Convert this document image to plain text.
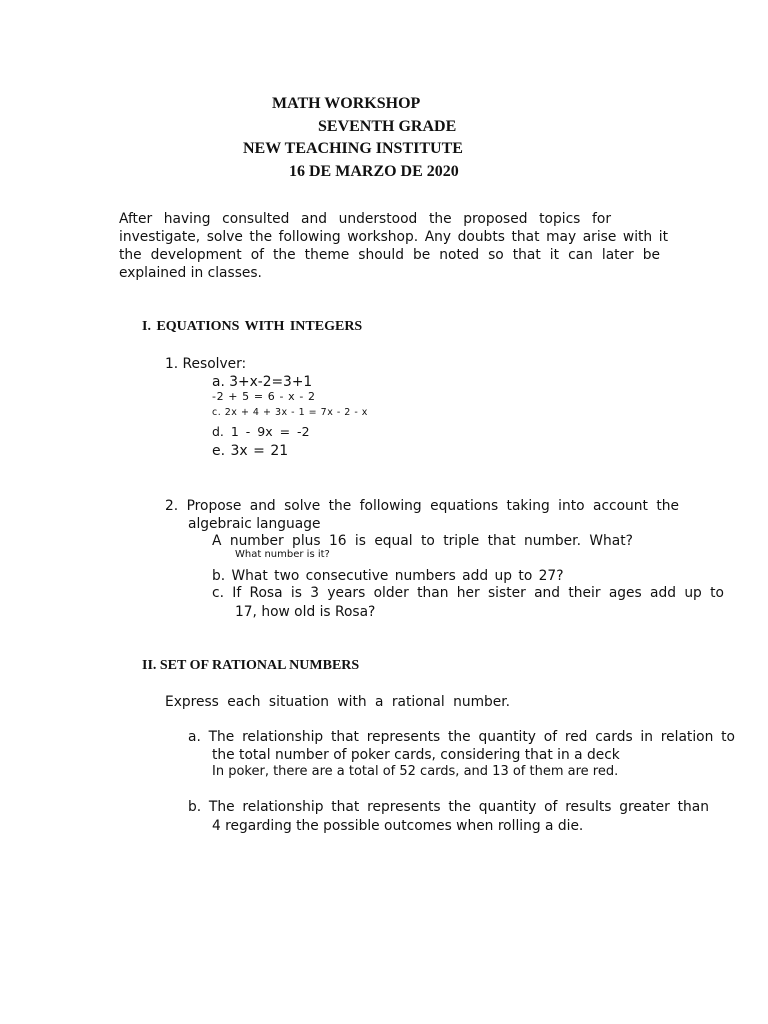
MATH WORKSHOP
SEVENTH GRADE
NEW TEACHING INSTITUTE
16 DE MARZO DE 2020
After having consulted and understood the proposed topics for
investigate, solve the following workshop. Any doubts that may arise with it
the development of the theme should be noted so that it can later be
explained in classes.
I. EQUATIONS WITH INTEGERS
1. Resolver:
a. 3+x-2=3+1
-2 + 5 = 6 - x - 2
c. 2x + 4 + 3x - 1 = 7x - 2 - x
d. 1 - 9x = -2
e. 3x = 21
2. Propose and solve the following equations taking into account the
algebraic language
A number plus 16 is equal to triple that number. What?
What number is it?
b. What two consecutive numbers add up to 27?
c. If Rosa is 3 years older than her sister and their ages add up to
17, how old is Rosa?
II. SET OF RATIONAL NUMBERS
Express each situation with a rational number.
a. The relationship that represents the quantity of red cards in relation to
the total number of poker cards, considering that in a deck
In poker, there are a total of 52 cards, and 13 of them are red.
b. The relationship that represents the quantity of results greater than
4 regarding the possible outcomes when rolling a die.
